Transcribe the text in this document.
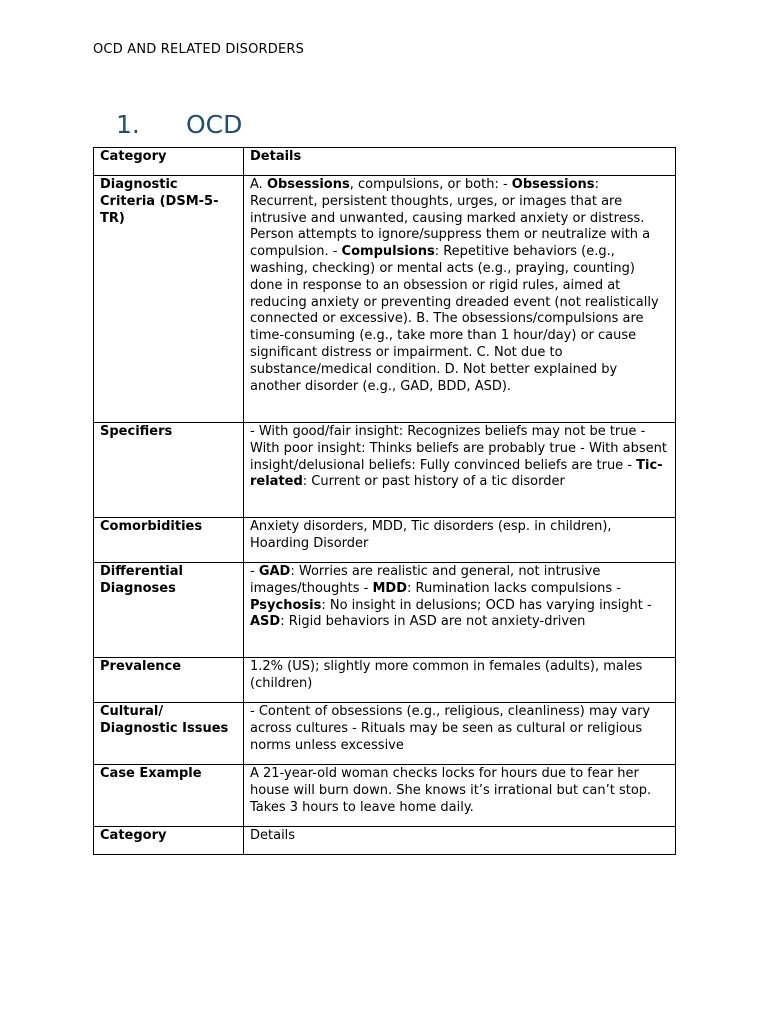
OCD AND RELATED DISORDERS
1. OCD
Category	Details
Diagnostic Criteria (DSM-5-TR)	A. Obsessions, compulsions, or both: - Obsessions: Recurrent, persistent thoughts, urges, or images that are intrusive and unwanted, causing marked anxiety or distress. Person attempts to ignore/suppress them or neutralize with a compulsion. - Compulsions: Repetitive behaviors (e.g., washing, checking) or mental acts (e.g., praying, counting) done in response to an obsession or rigid rules, aimed at reducing anxiety or preventing dreaded event (not realistically connected or excessive). B. The obsessions/compulsions are time-consuming (e.g., take more than 1 hour/day) or cause significant distress or impairment. C. Not due to substance/medical condition. D. Not better explained by another disorder (e.g., GAD, BDD, ASD).
Specifiers	- With good/fair insight: Recognizes beliefs may not be true - With poor insight: Thinks beliefs are probably true - With absent insight/delusional beliefs: Fully convinced beliefs are true - Tic-related: Current or past history of a tic disorder
Comorbidities	Anxiety disorders, MDD, Tic disorders (esp. in children), Hoarding Disorder
Differential Diagnoses	- GAD: Worries are realistic and general, not intrusive images/thoughts - MDD: Rumination lacks compulsions - Psychosis: No insight in delusions; OCD has varying insight - ASD: Rigid behaviors in ASD are not anxiety-driven
Prevalence	1.2% (US); slightly more common in females (adults), males (children)
Cultural/ Diagnostic Issues	- Content of obsessions (e.g., religious, cleanliness) may vary across cultures - Rituals may be seen as cultural or religious norms unless excessive
Case Example	A 21-year-old woman checks locks for hours due to fear her house will burn down. She knows it’s irrational but can’t stop. Takes 3 hours to leave home daily.
Category	Details
